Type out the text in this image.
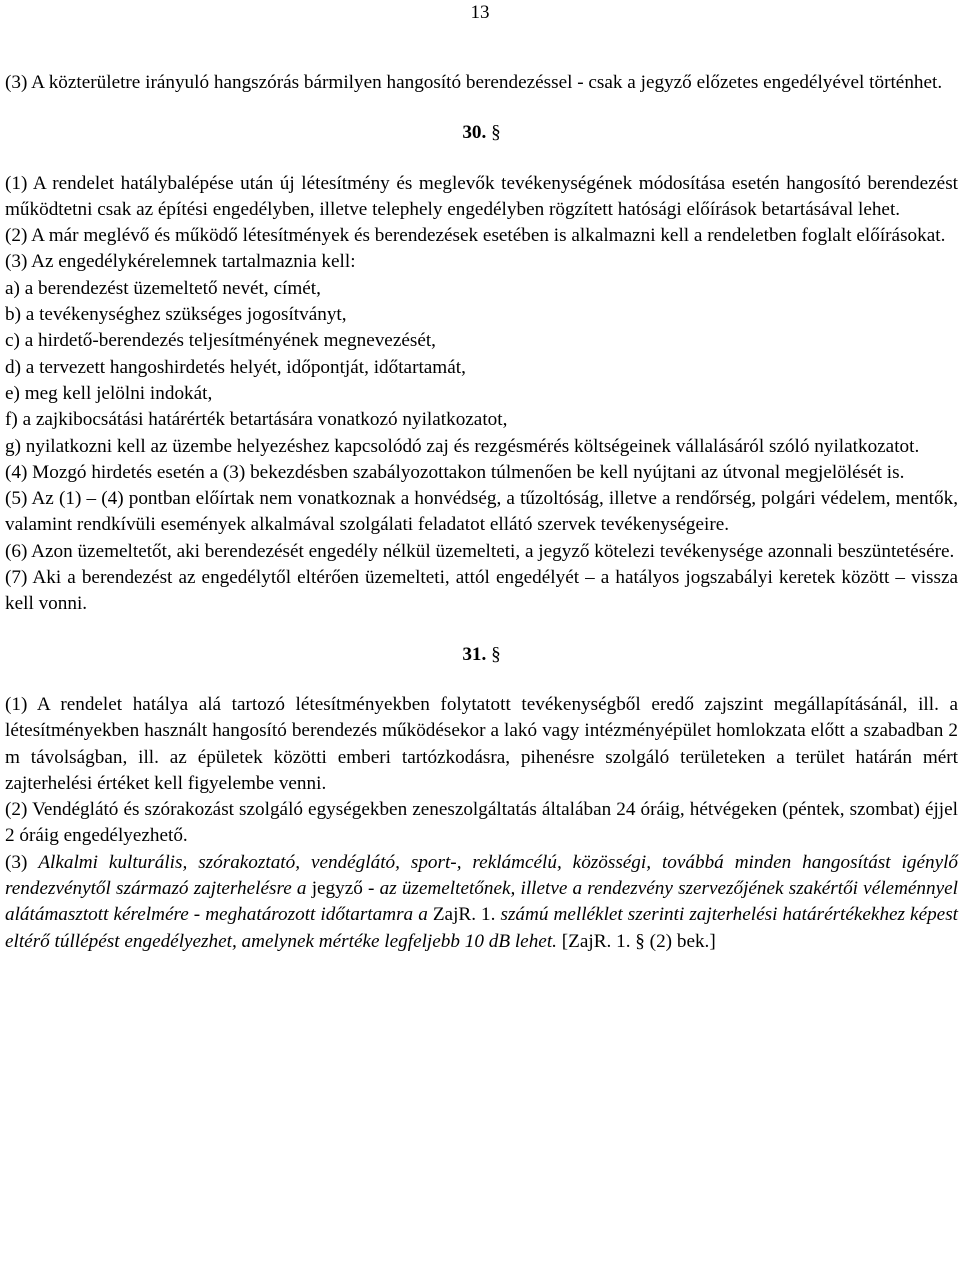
13

(3) A közterületre irányuló hangszórás bármilyen hangosító berendezéssel - csak a jegyző előzetes engedélyével történhet.

30. §

(1) A rendelet hatálybalépése után új létesítmény és meglevők tevékenységének módosítása esetén hangosító berendezést működtetni csak az építési engedélyben, illetve telephely engedélyben rögzített hatósági előírások betartásával lehet.

(2) A már meglévő és működő létesítmények és berendezések esetében is alkalmazni kell a rendeletben foglalt előírásokat.

(3) Az engedélykérelemnek tartalmaznia kell:

a) a berendezést üzemeltető nevét, címét,

b) a tevékenységhez szükséges jogosítványt,

c) a hirdető-berendezés teljesítményének megnevezését,

d) a tervezett hangoshirdetés helyét, időpontját, időtartamát,

e) meg kell jelölni indokát,

f) a zajkibocsátási határérték betartására vonatkozó nyilatkozatot,

g) nyilatkozni kell az üzembe helyezéshez kapcsolódó zaj és rezgésmérés költségeinek vállalásáról szóló nyilatkozatot.

(4) Mozgó hirdetés esetén a (3) bekezdésben szabályozottakon túlmenően be kell nyújtani az útvonal megjelölését is.

(5) Az (1) – (4) pontban előírtak nem vonatkoznak a honvédség, a tűzoltóság, illetve a rendőrség, polgári védelem, mentők, valamint rendkívüli események alkalmával szolgálati feladatot ellátó szervek tevékenységeire.

(6) Azon üzemeltetőt, aki berendezését engedély nélkül üzemelteti, a jegyző kötelezi tevékenysége azonnali beszüntetésére.

(7) Aki a berendezést az engedélytől eltérően üzemelteti, attól engedélyét – a hatályos jogszabályi keretek között – vissza kell vonni.

31. §

(1) A rendelet hatálya alá tartozó létesítményekben folytatott tevékenységből eredő zajszint megállapításánál, ill. a létesítményekben használt hangosító berendezés működésekor a lakó vagy intézményépület homlokzata előtt a szabadban 2 m távolságban, ill. az épületek közötti emberi tartózkodásra, pihenésre szolgáló területeken a terület határán mért zajterhelési értéket kell figyelembe venni.

(2) Vendéglátó és szórakozást szolgáló egységekben zeneszolgáltatás általában 24 óráig, hétvégeken (péntek, szombat) éjjel 2 óráig engedélyezhető.

(3) Alkalmi kulturális, szórakoztató, vendéglátó, sport-, reklámcélú, közösségi, továbbá minden hangosítást igénylő rendezvénytől származó zajterhelésre a jegyző - az üzemeltetőnek, illetve a rendezvény szervezőjének szakértői véleménnyel alátámasztott kérelmére - meghatározott időtartamra a ZajR. 1. számú melléklet szerinti zajterhelési határértékekhez képest eltérő túllépést engedélyezhet, amelynek mértéke legfeljebb 10 dB lehet. [ZajR. 1. § (2) bek.]
